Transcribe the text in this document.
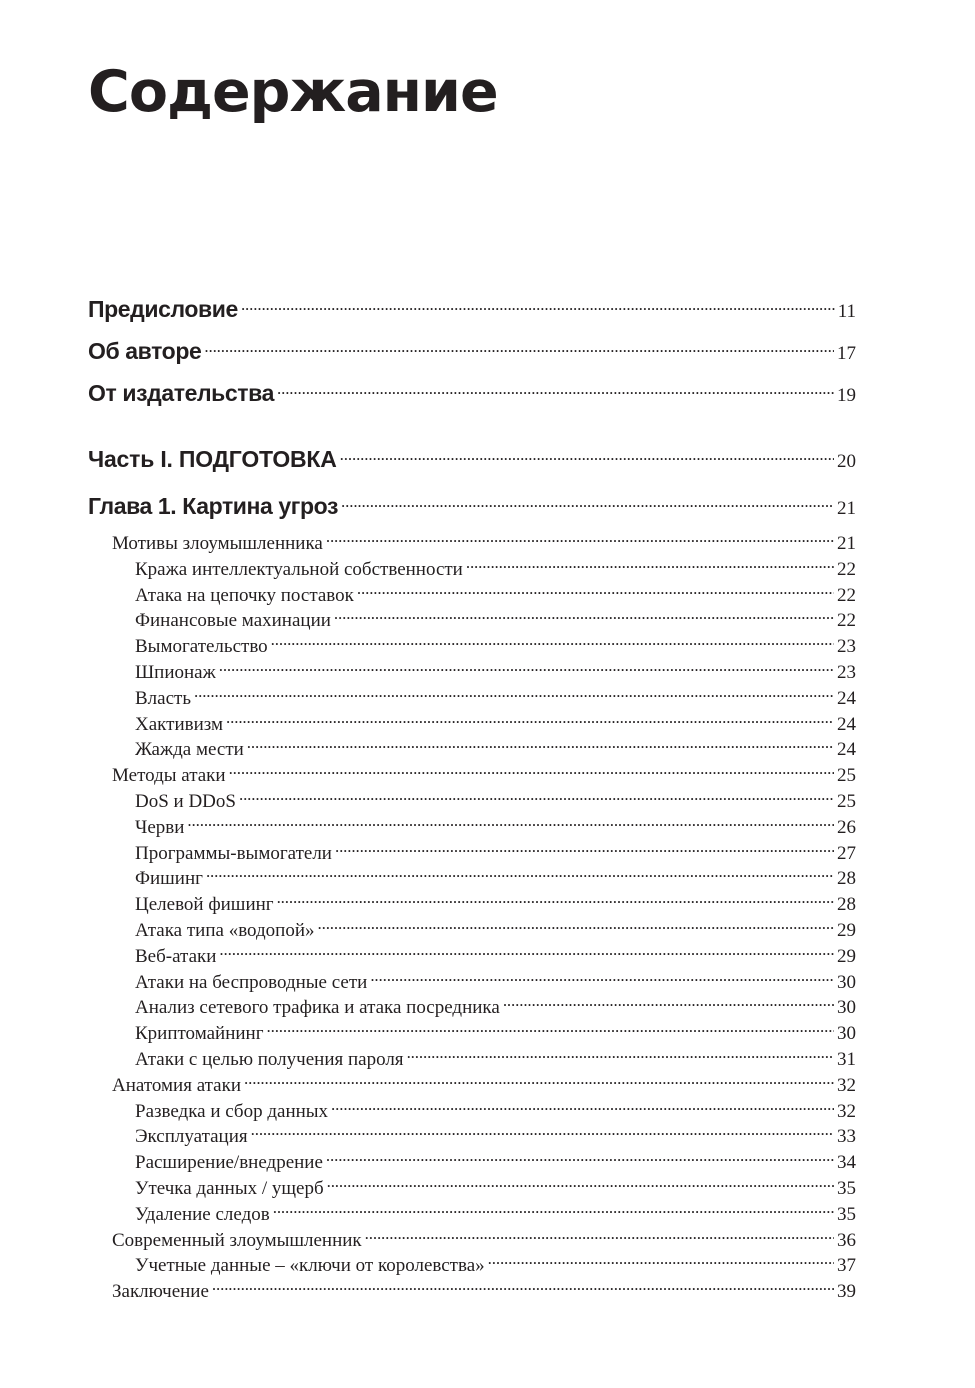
Содержание
Предисловие . . .	11
Об авторе . . .	17
От издательства . . .	19
Часть I. ПОДГОТОВКА . . .	20
Глава 1. Картина угроз . . .	21
Мотивы злоумышленника . . .	21
Кража интеллектуальной собственности . . .	22
Атака на цепочку поставок . . .	22
Финансовые махинации . . .	22
Вымогательство . . .	23
Шпионаж . . .	23
Власть . . .	24
Хактивизм . . .	24
Жажда мести . . .	24
Методы атаки . . .	25
DoS и DDoS . . .	25
Черви . . .	26
Программы-вымогатели . . .	27
Фишинг . . .	28
Целевой фишинг . . .	28
Атака типа «водопой» . . .	29
Веб-атаки . . .	29
Атаки на беспроводные сети . . .	30
Анализ сетевого трафика и атака посредника . . .	30
Криптомайнинг . . .	30
Атаки с целью получения пароля . . .	31
Анатомия атаки . . .	32
Разведка и сбор данных . . .	32
Эксплуатация . . .	33
Расширение/внедрение . . .	34
Утечка данных / ущерб . . .	35
Удаление следов . . .	35
Современный злоумышленник . . .	36
Учетные данные – «ключи от королевства» . . .	37
Заключение . . .	39
